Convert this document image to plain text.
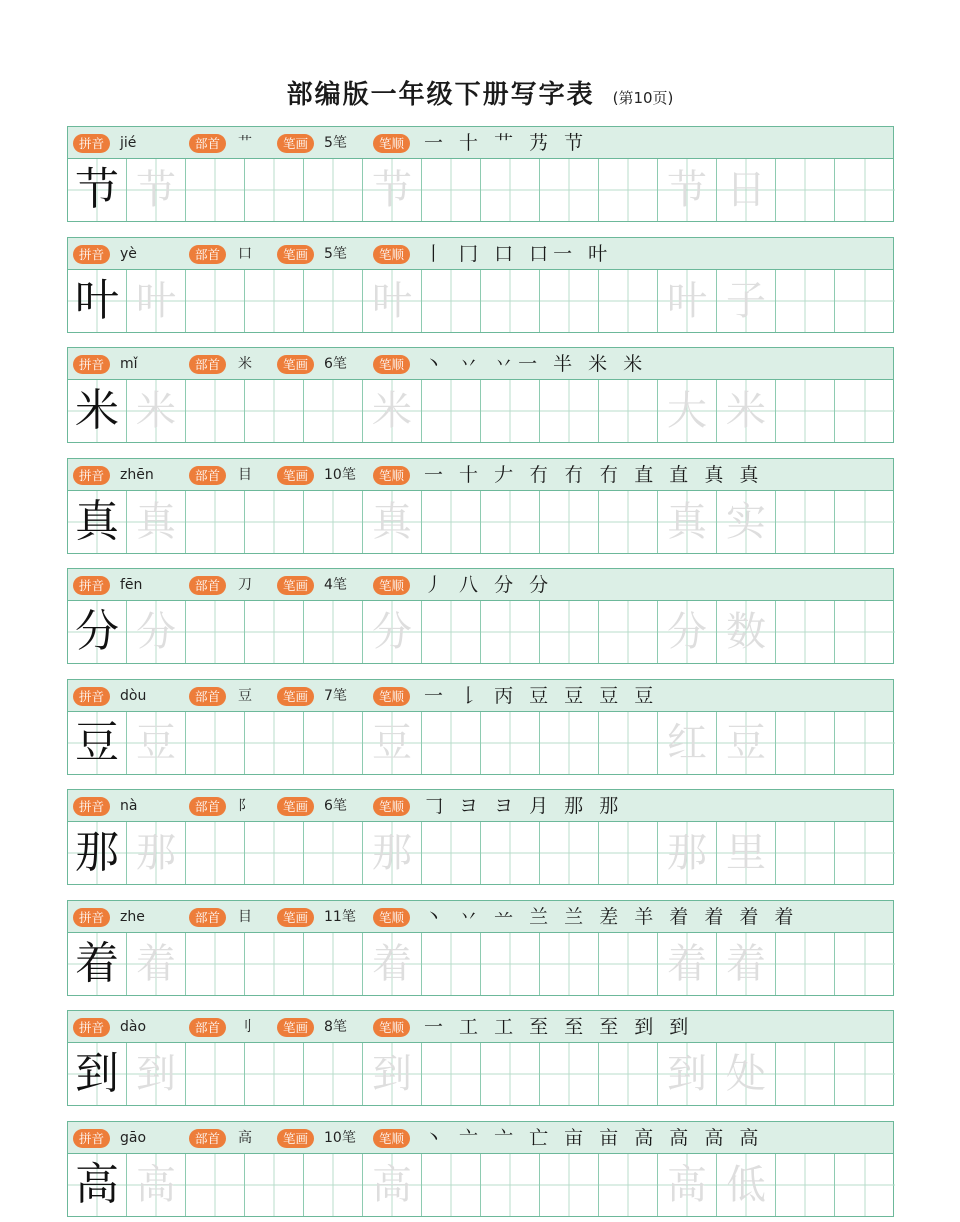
部编版一年级下册写字表 (第10页)
拼音	jié	部首	艹	笔画	5笔	笔顺	一 十 艹 艿 节
节 节	节	节 日
拼音	yè	部首	口	笔画	5笔	笔顺	丨 冂 口 口一 叶
叶 叶	叶	叶 子
拼音	mǐ	部首	米	笔画	6笔	笔顺	丶 丷 丷一 半 米 米
米 米	米	大 米
拼音	zhēn	部首	目	笔画	10笔	笔顺	一 十 𠂇 冇 冇 冇 直 直 真 真
真 真	真	真 实
拼音	fēn	部首	刀	笔画	4笔	笔顺	丿 八 分 分
分 分	分	分 数
拼音	dòu	部首	豆	笔画	7笔	笔顺	一 𠄌 丙 豆 豆 豆 豆
豆 豆	豆	红 豆
拼音	nà	部首	阝	笔画	6笔	笔顺	𠃌 ヨ ヨ 月 那 那
那 那	那	那 里
拼音	zhe	部首	目	笔画	11笔	笔顺	丶 丷 䒑 兰 兰 差 羊 着 着 着 着
着 着	着	着 着
拼音	dào	部首	刂	笔画	8笔	笔顺	一 工 工 至 至 至 到 到
到 到	到	到 处
拼音	gāo	部首	高	笔画	10笔	笔顺	丶 亠 亠 亡 亩 亩 高 高 高 高
高 高	高	高 低
